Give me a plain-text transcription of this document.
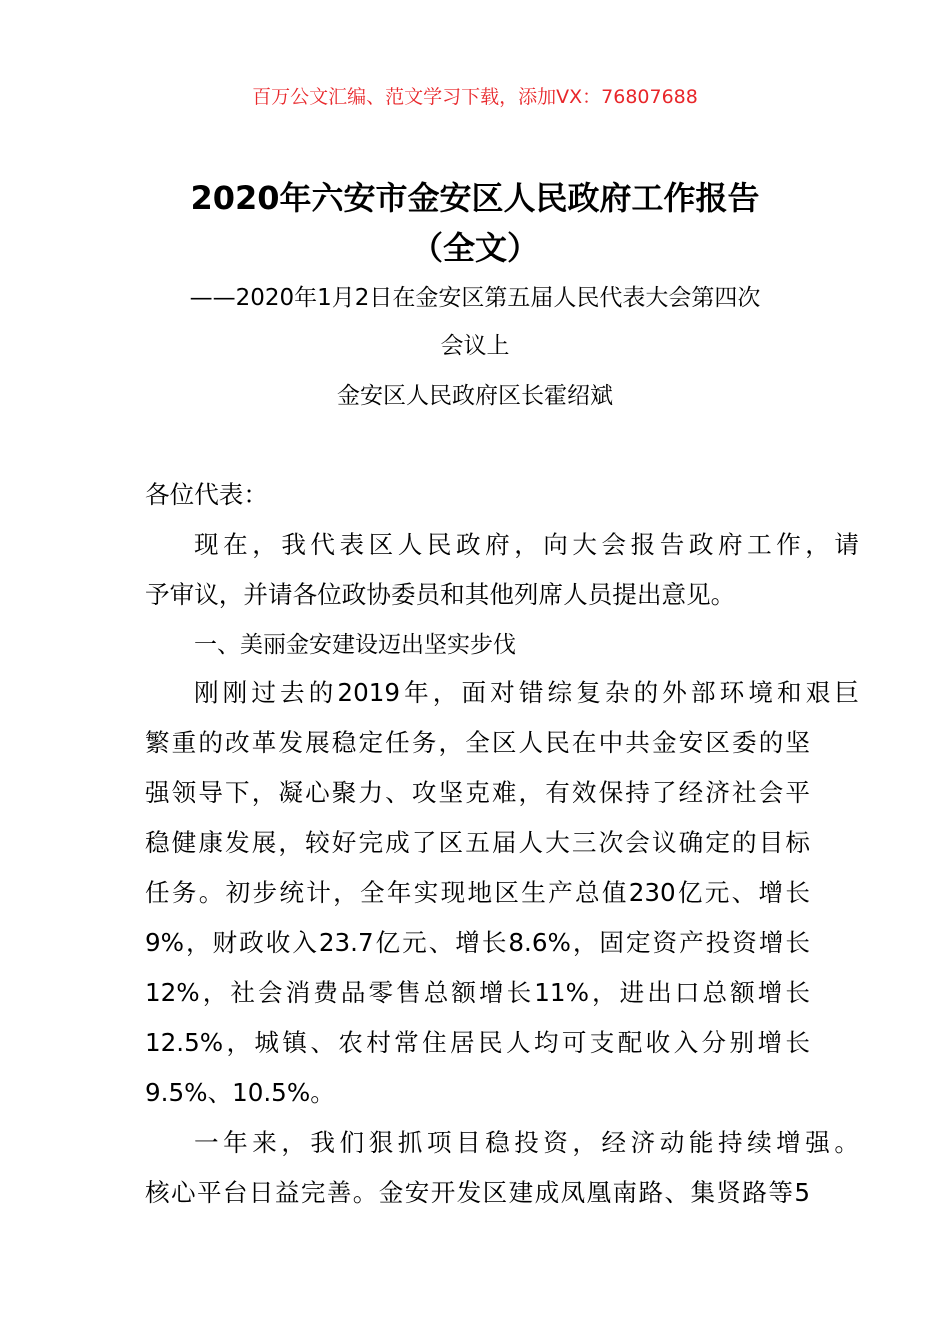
百万公文汇编、范文学习下载，添加VX：76807688
2020年六安市金安区人民政府工作报告
（全文）
——2020年1月2日在金安区第五届人民代表大会第四次
会议上
金安区人民政府区长霍绍斌
各位代表：
现在，我代表区人民政府，向大会报告政府工作，请
予审议，并请各位政协委员和其他列席人员提出意见。
一、美丽金安建设迈出坚实步伐
刚刚过去的2019年，面对错综复杂的外部环境和艰巨
繁重的改革发展稳定任务，全区人民在中共金安区委的坚
强领导下，凝心聚力、攻坚克难，有效保持了经济社会平
稳健康发展，较好完成了区五届人大三次会议确定的目标
任务。初步统计，全年实现地区生产总值230亿元、增长
9%，财政收入23.7亿元、增长8.6%，固定资产投资增长
12%，社会消费品零售总额增长11%，进出口总额增长
12.5%，城镇、农村常住居民人均可支配收入分别增长
9.5%、10.5%。
一年来，我们狠抓项目稳投资，经济动能持续增强。
核心平台日益完善。金安开发区建成凤凰南路、集贤路等5
